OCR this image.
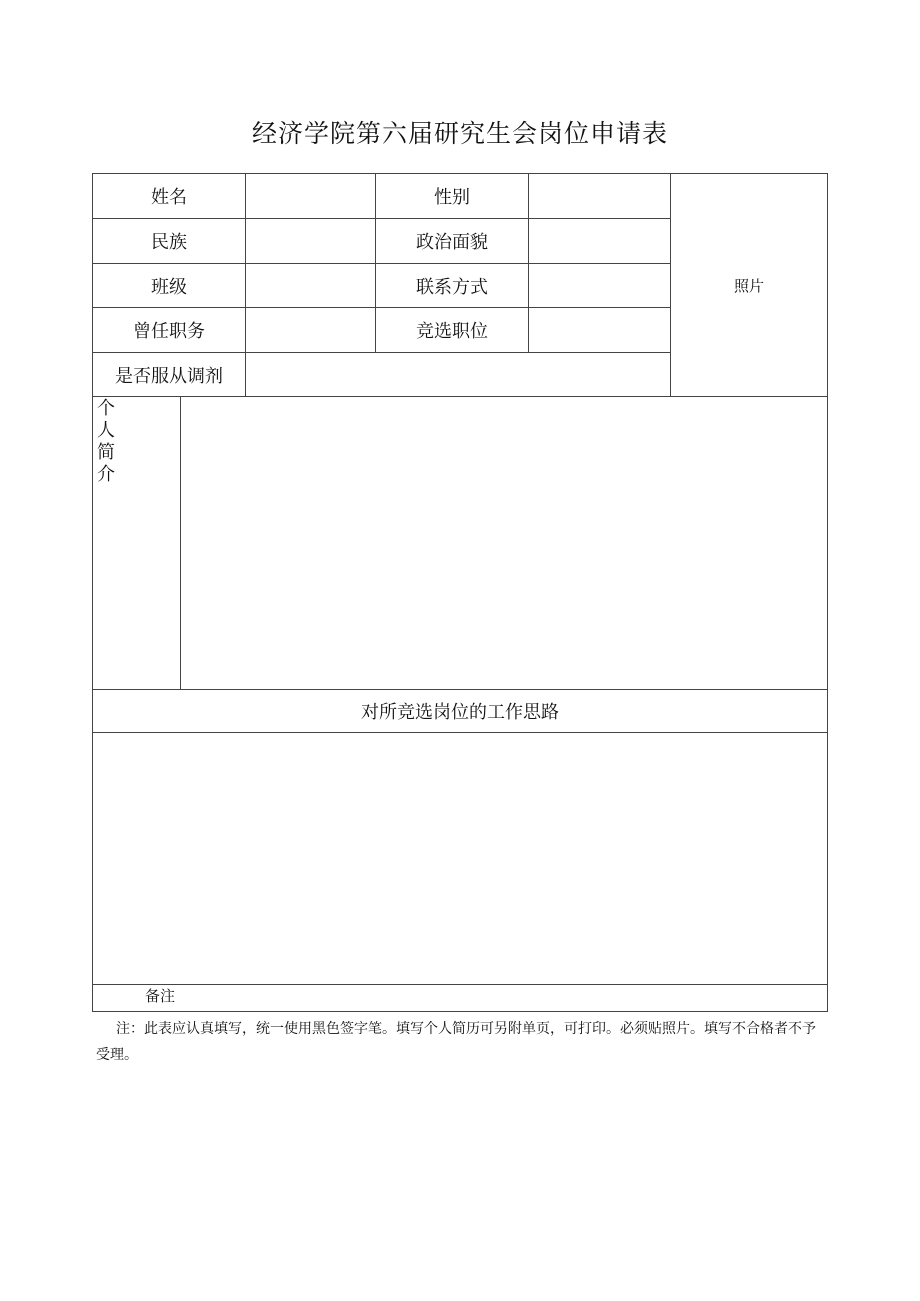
经济学院第六届研究生会岗位申请表
姓名	性别
民族	政治面貌
班级	联系方式
曾任职务	竞选职位
是否服从调剂
照片
个
人
简
介
对所竞选岗位的工作思路
备注
注：此表应认真填写，统一使用黑色签字笔。填写个人简历可另附单页，可打印。必须贴照片。填写不合格者不予受理。
